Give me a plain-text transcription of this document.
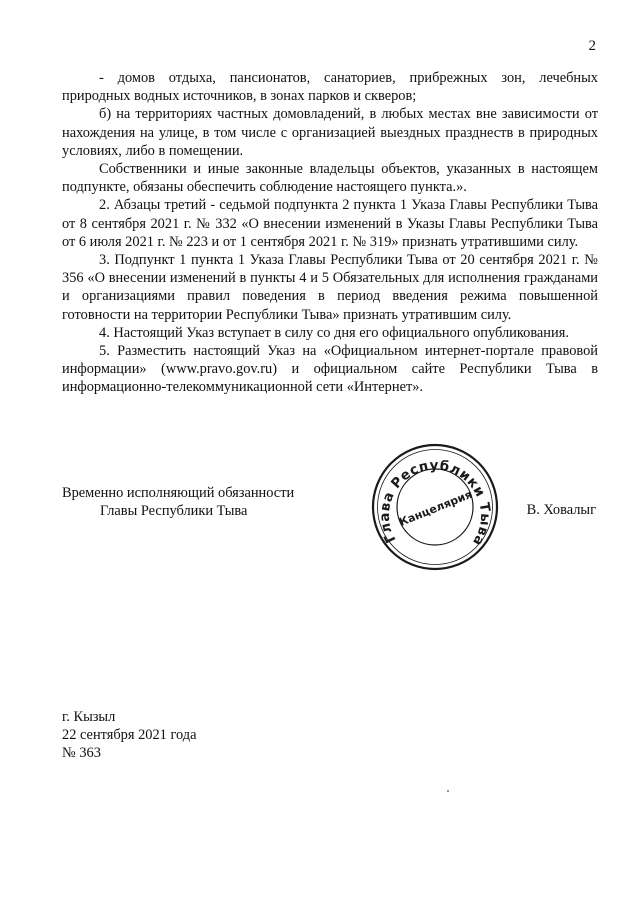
2

- домов отдыха, пансионатов, санаториев, прибрежных зон, лечебных природных водных источников, в зонах парков и скверов;

б) на территориях частных домовладений, в любых местах вне зависимости от нахождения на улице, в том числе с организацией выездных празднеств в природных условиях, либо в помещении.

Собственники и иные законные владельцы объектов, указанных в настоящем подпункте, обязаны обеспечить соблюдение настоящего пункта.».

2. Абзацы третий - седьмой подпункта 2 пункта 1 Указа Главы Республики Тыва от 8 сентября 2021 г. № 332 «О внесении изменений в Указы Главы Республики Тыва от 6 июля 2021 г. № 223 и от 1 сентября 2021 г. № 319» признать утратившими силу.

3. Подпункт 1 пункта 1 Указа Главы Республики Тыва от 20 сентября 2021 г. № 356 «О внесении изменений в пункты 4 и 5 Обязательных для исполнения гражданами и организациями правил поведения в период введения режима повышенной готовности на территории Республики Тыва» признать утратившим силу.

4. Настоящий Указ вступает в силу со дня его официального опубликования.

5. Разместить настоящий Указ на «Официальном интернет-портале правовой информации» (www.pravo.gov.ru) и официальном сайте Республики Тыва в информационно-телекоммуникационной сети «Интернет».

Временно исполняющий обязанности
Главы Республики Тыва
Глава Республики Тыва
Канцелярия	В. Ховалыг
г. Кызыл
22 сентября 2021 года
№ 363
